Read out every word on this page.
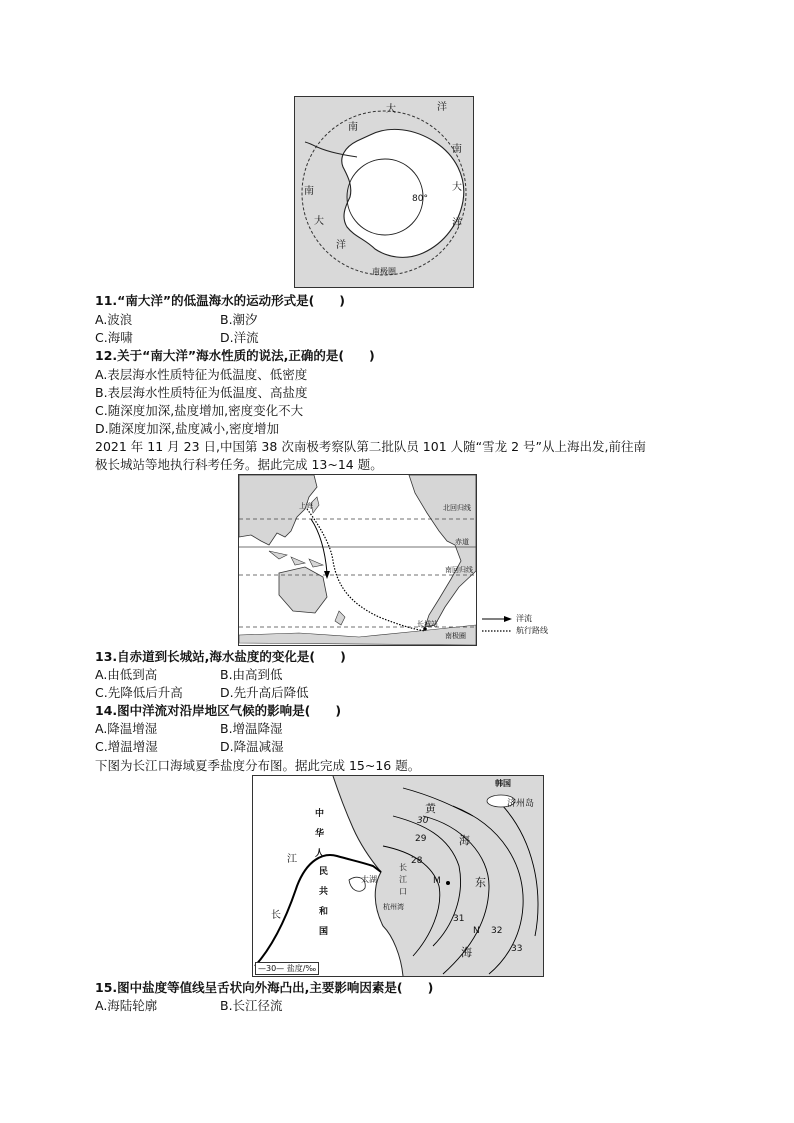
大	洋
南
南
大
洋
南
大
洋
80°
南极圈
11.“南大洋”的低温海水的运动形式是(　　)
A.波浪	B.潮汐
C.海啸	D.洋流
12.关于“南大洋”海水性质的说法,正确的是(　　)
A.表层海水性质特征为低温度、低密度
B.表层海水性质特征为低温度、高盐度
C.随深度加深,盐度增加,密度变化不大
D.随深度加深,盐度减小,密度增加
2021 年 11 月 23 日,中国第 38 次南极考察队第二批队员 101 人随“雪龙 2 号”从上海出发,前往南
极长城站等地执行科考任务。据此完成 13~14 题。
上海	北回归线
赤道
南回归线
长城站
南极圈
洋流
航行路线
13.自赤道到长城站,海水盐度的变化是(　　)
A.由低到高	B.由高到低
C.先降低后升高	D.先升高后降低
14.图中洋流对沿岸地区气候的影响是(　　)
A.降温增湿	B.增温降湿
C.增温增湿	D.降温减湿
下图为长江口海域夏季盐度分布图。据此完成 15~16 题。
韩国
济州岛
黄
海
东
海
中
华
人
民
共
和
国
长
江
长
江
口
太湖
杭州湾
M
N
30
29
28
31
32
33
—30— 盐度/‰
15.图中盐度等值线呈舌状向外海凸出,主要影响因素是(　　)
A.海陆轮廓	B.长江径流
